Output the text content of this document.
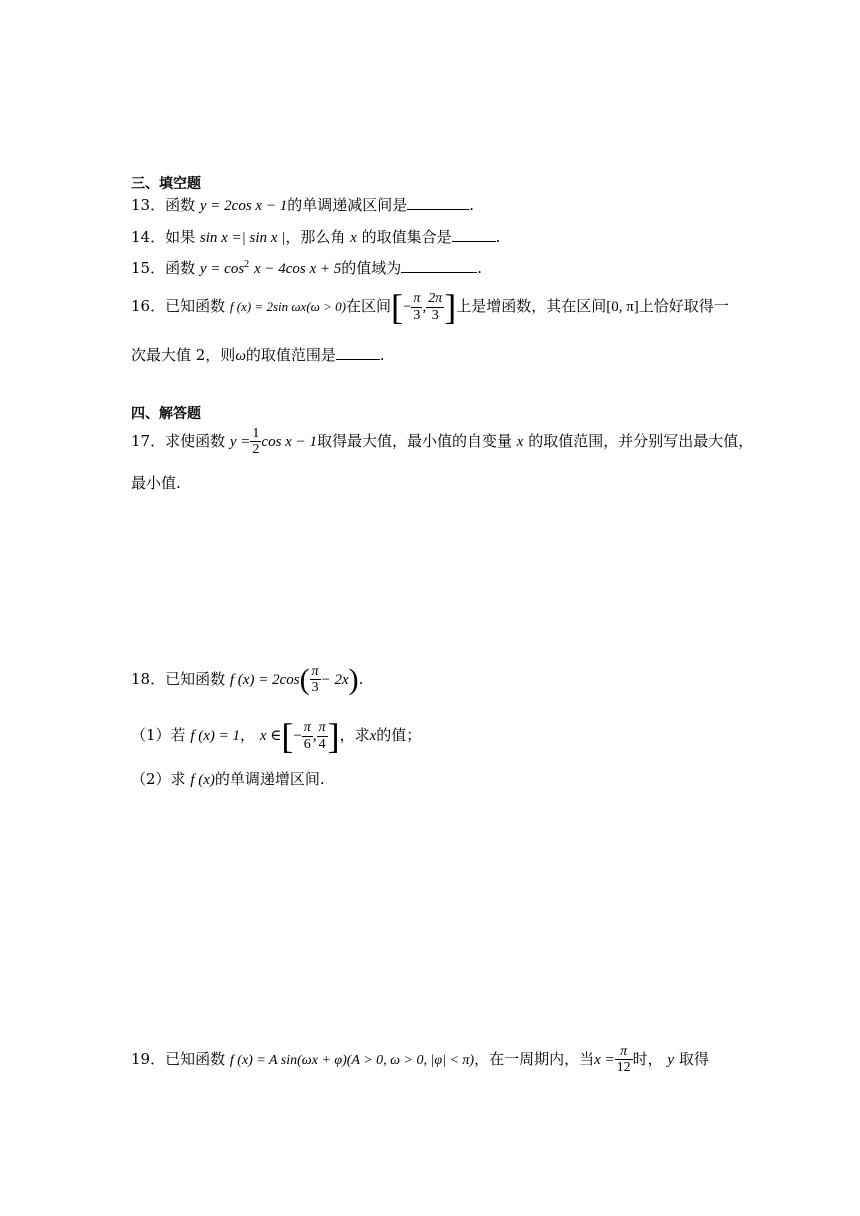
三、填空题
13．函数 y = 2cos x − 1的单调递减区间是	.
14．如果 sin x =| sin x |，那么角 x 的取值集合是	.
15．函数 $y = \cos^2 x - 4\cos$ x + 5的值域为	.
16．已知函数 f (x) = 2sin ωx(ω > 0)在区间[− $\frac{\pi}{3}$ , $\frac{2\pi}{3}$ ]上是增函数，其在区间[0, π]上恰好取得一
次最大值 2，则ω的取值范围是	.
四、解答题
17．求使函数 $y = \frac{1}{2}$ cos x − 1取得最大值，最小值的自变量 x 的取值范围，并分别写出最大值，
最小值.
18．已知函数 f $(x) = 2\cos( \frac{\pi}{3} - 2x)$.
（1）若 f (x) = 1， x ∈[− $\frac{\pi}{6}$ , $\frac{\pi}{4}$ ]，求x的值；
（2）求 f (x)的单调递增区间.
19．已知函数 f (x) = A sin(ωx + φ)(A > 0, ω > 0, |φ| < π)，在一周期内，当$x = \frac{\pi}{12}$ 时， y 取得
